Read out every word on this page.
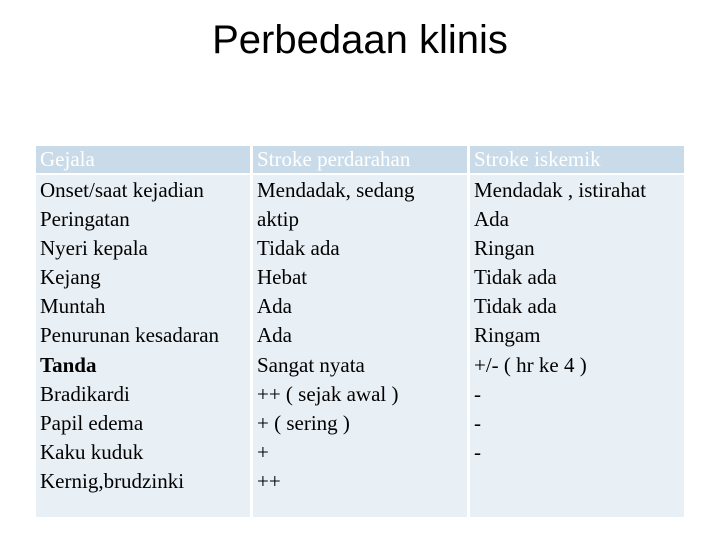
Perbedaan klinis
Gejala	Stroke perdarahan	Stroke iskemik
Onset/saat kejadian
Peringatan
Nyeri kepala
Kejang
Muntah
Penurunan kesadaran
Tanda
Bradikardi
Papil edema
Kaku kuduk
Kernig,brudzinki
Mendadak, sedang
aktip
Tidak ada
Hebat
Ada
Ada
Sangat nyata
++ ( sejak awal )
+ ( sering )
+
++
Mendadak , istirahat
Ada
Ringan
Tidak ada
Tidak ada
Ringam
+/- ( hr ke 4 )
-
-
-
